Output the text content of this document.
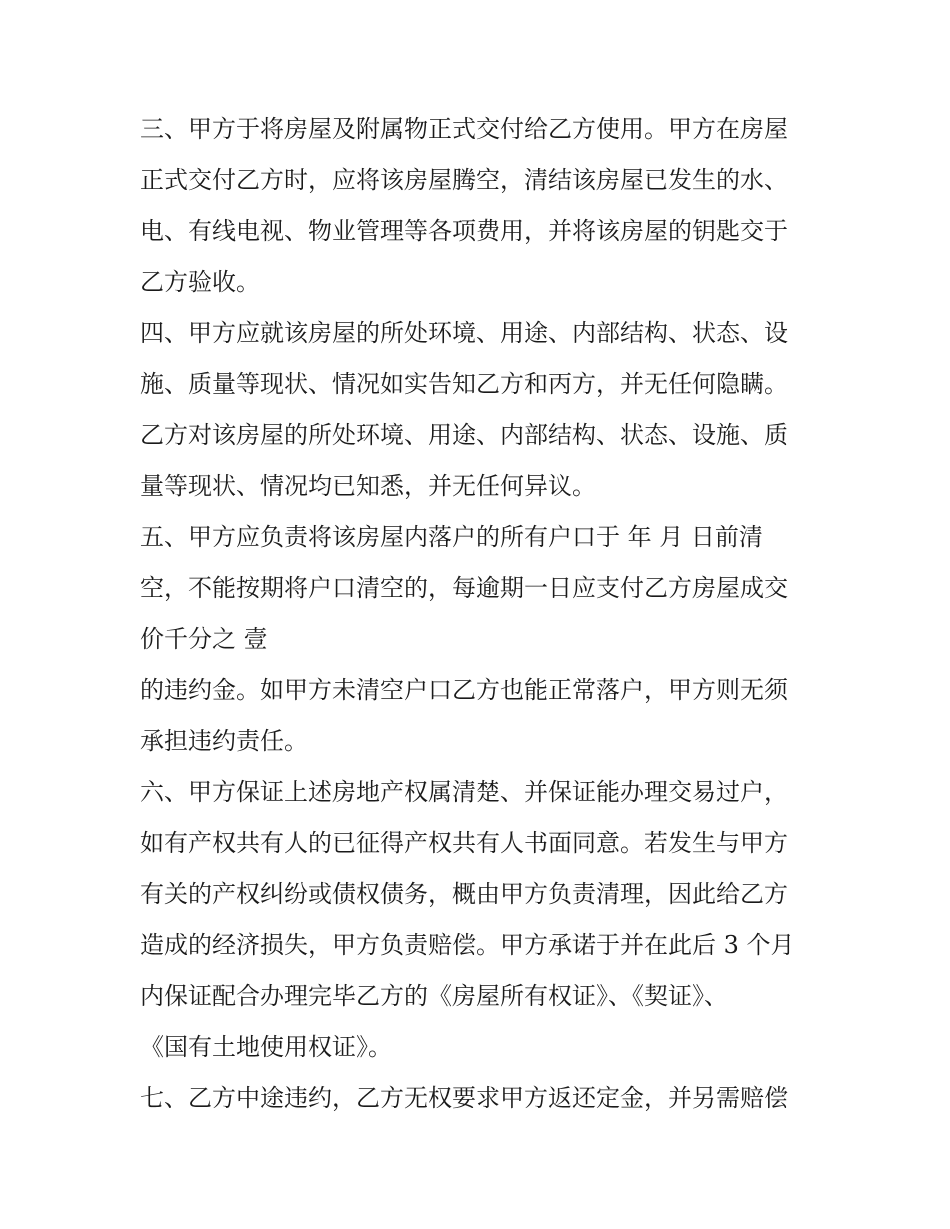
三、甲方于将房屋及附属物正式交付给乙方使用。甲方在房屋
正式交付乙方时，应将该房屋腾空，清结该房屋已发生的水、
电、有线电视、物业管理等各项费用，并将该房屋的钥匙交于
乙方验收。
四、甲方应就该房屋的所处环境、用途、内部结构、状态、设
施、质量等现状、情况如实告知乙方和丙方，并无任何隐瞒。
乙方对该房屋的所处环境、用途、内部结构、状态、设施、质
量等现状、情况均已知悉，并无任何异议。
五、甲方应负责将该房屋内落户的所有户口于 年 月 日前清
空，不能按期将户口清空的，每逾期一日应支付乙方房屋成交
价千分之 壹
的违约金。如甲方未清空户口乙方也能正常落户，甲方则无须
承担违约责任。
六、甲方保证上述房地产权属清楚、并保证能办理交易过户，
如有产权共有人的已征得产权共有人书面同意。若发生与甲方
有关的产权纠纷或债权债务，概由甲方负责清理，因此给乙方
造成的经济损失，甲方负责赔偿。甲方承诺于并在此后 3 个月
内保证配合办理完毕乙方的《房屋所有权证》、《契证》、
《国有土地使用权证》。
七、乙方中途违约，乙方无权要求甲方返还定金，并另需赔偿
